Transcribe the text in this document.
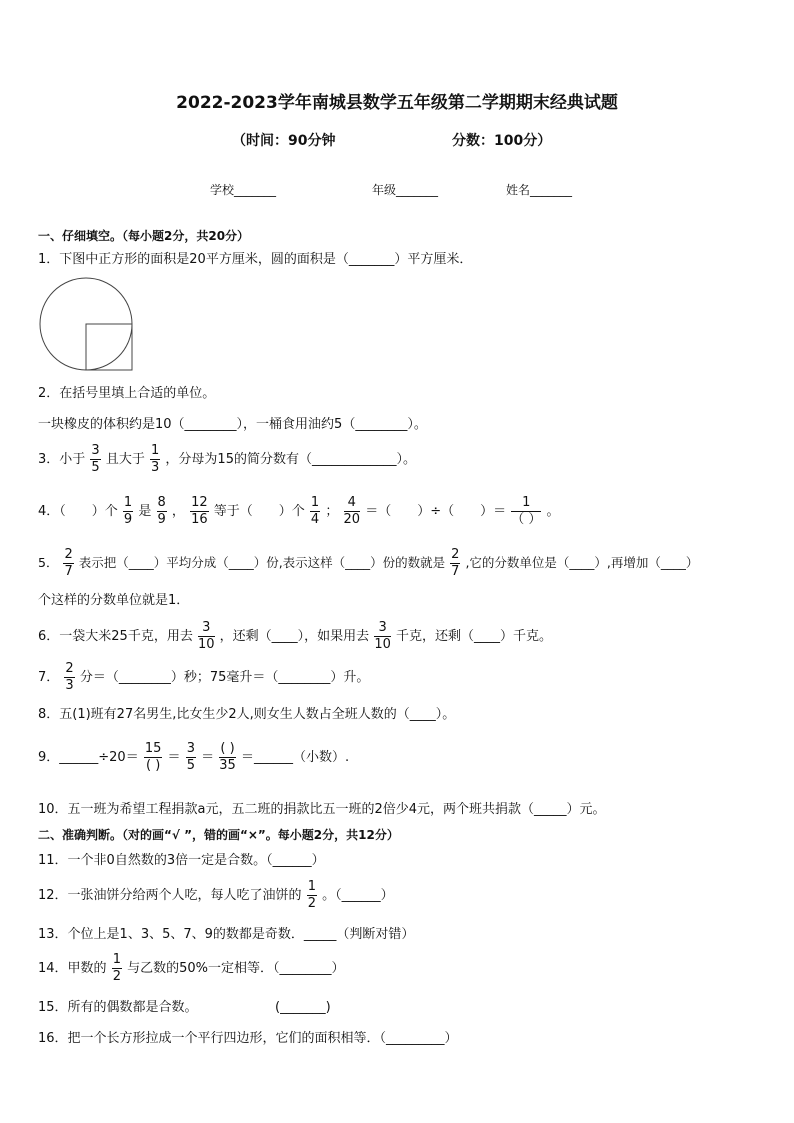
2022-2023学年南城县数学五年级第二学期期末经典试题
（时间：90分钟	分数：100分）
学校_______	年级_______	姓名_______
一、仔细填空。（每小题2分，共20分）
1．下图中正方形的面积是20平方厘米，圆的面积是（_______）平方厘米．
2．在括号里填上合适的单位。
一块橡皮的体积约是10（________），一桶食用油约5（________）。
3．小于 $\frac{3}{5}$ 且大于 $\frac{1}{3}$ ，分母为15的简分数有（_____________）。
4．（　　）个 $\frac{1}{9}$ 是 $\frac{8}{9}$ ， $\frac{12}{16}$ 等于（　　）个 $\frac{1}{4}$ ； $\frac{4}{20}$ ＝（　　）÷（　　）＝ $\frac{1}{( )}$ 。
5． $\frac{2}{7}$ 表示把（____）平均分成（____）份,表示这样（____）份的数就是 $\frac{2}{7}$ ,它的分数单位是（____）,再增加（____）
个这样的分数单位就是1．
6．一袋大米25千克，用去 $\frac{3}{10}$ ，还剩（____），如果用去 $\frac{3}{10}$ 千克，还剩（____）千克。
7． $\frac{2}{3}$ 分＝（________）秒；75毫升＝（________）升。
8．五(1)班有27名男生,比女生少2人,则女生人数占全班人数的（____）。
9．______÷20＝ $\frac{15}{( )} = \frac{3}{5} = \frac{( )}{35}$ ＝______（小数）.
10．五一班为希望工程捐款a元，五二班的捐款比五一班的2倍少4元，两个班共捐款（_____）元。
二、准确判断。（对的画“√ ”，错的画“×”。每小题2分，共12分）
11．一个非0自然数的3倍一定是合数。（______）
12．一张油饼分给两个人吃，每人吃了油饼的 $\frac{1}{2}$ 。（______）
13．个位上是1、3、5、7、9的数都是奇数．_____（判断对错）
14．甲数的 $\frac{1}{2}$ 与乙数的50%一定相等．（________）
15．所有的偶数都是合数。	(_______)
16．把一个长方形拉成一个平行四边形，它们的面积相等．（_________）
